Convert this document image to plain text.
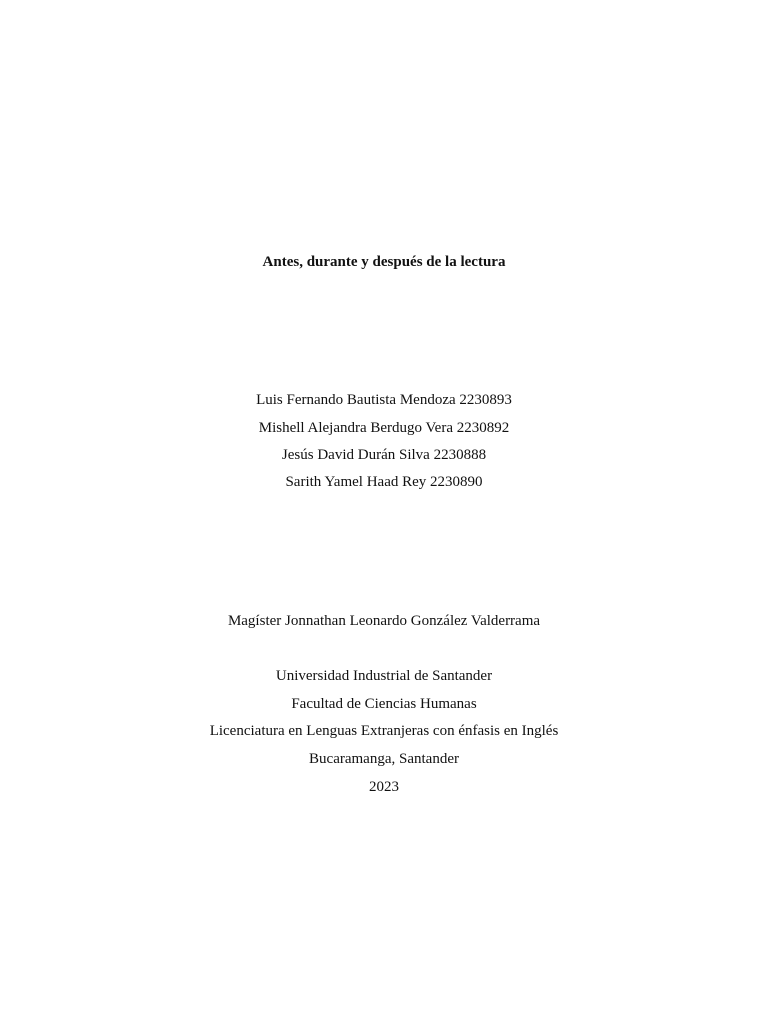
Antes, durante y después de la lectura
Luis Fernando Bautista Mendoza 2230893
Mishell Alejandra Berdugo Vera 2230892
Jesús David Durán Silva 2230888
Sarith Yamel Haad Rey 2230890
Magíster Jonnathan Leonardo González Valderrama
Universidad Industrial de Santander
Facultad de Ciencias Humanas
Licenciatura en Lenguas Extranjeras con énfasis en Inglés
Bucaramanga, Santander
2023
